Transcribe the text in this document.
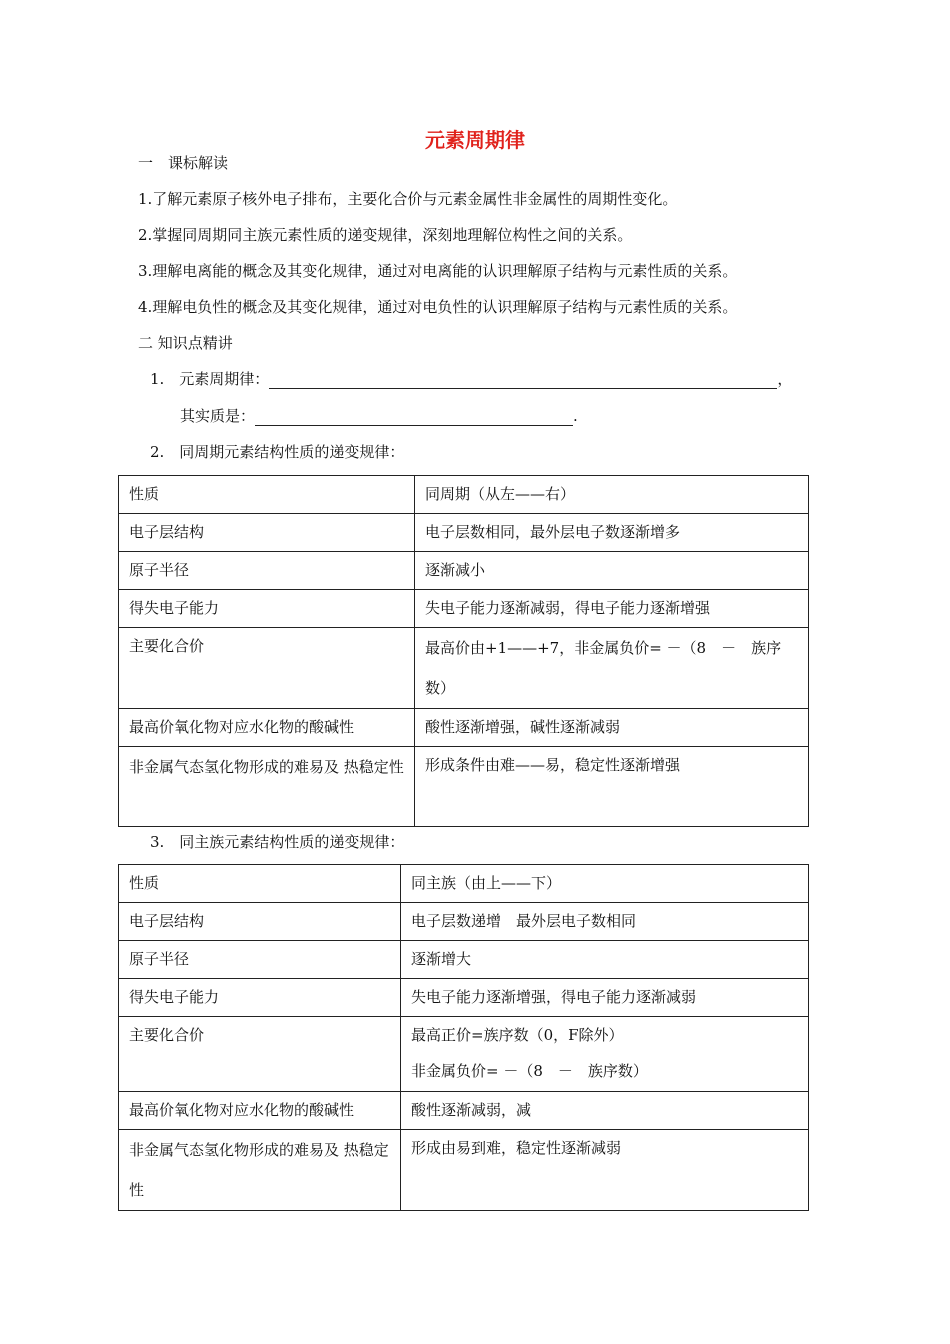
元素周期律
一　课标解读
1.了解元素原子核外电子排布，主要化合价与元素金属性非金属性的周期性变化。
2.掌握同周期同主族元素性质的递变规律，深刻地理解位构性之间的关系。
3.理解电离能的概念及其变化规律，通过对电离能的认识理解原子结构与元素性质的关系。
4.理解电负性的概念及其变化规律，通过对电负性的认识理解原子结构与元素性质的关系。
二 知识点精讲
1.　元素周期律：	，
其实质是：	.
2.　同周期元素结构性质的递变规律：
性质	同周期（从左——右）
电子层结构	电子层数相同，最外层电子数逐渐增多
原子半径	逐渐减小
得失电子能力	失电子能力逐渐减弱，得电子能力逐渐增强
主要化合价	最高价由+1——+7，非金属负价= －（8　－　族序数）
最高价氧化物对应水化物的酸碱性	酸性逐渐增强，碱性逐渐减弱
非金属气态氢化物形成的难易及 热稳定性	形成条件由难——易，稳定性逐渐增强
3.　同主族元素结构性质的递变规律：
性质	同主族（由上——下）
电子层结构	电子层数递增　最外层电子数相同
原子半径	逐渐增大
得失电子能力	失电子能力逐渐增强，得电子能力逐渐减弱
主要化合价	最高正价=族序数（0，F除外）
非金属负价= －（8　－　族序数）

最高价氧化物对应水化物的酸碱性	酸性逐渐减弱，减
非金属气态氢化物形成的难易及 热稳定性	形成由易到难，稳定性逐渐减弱
